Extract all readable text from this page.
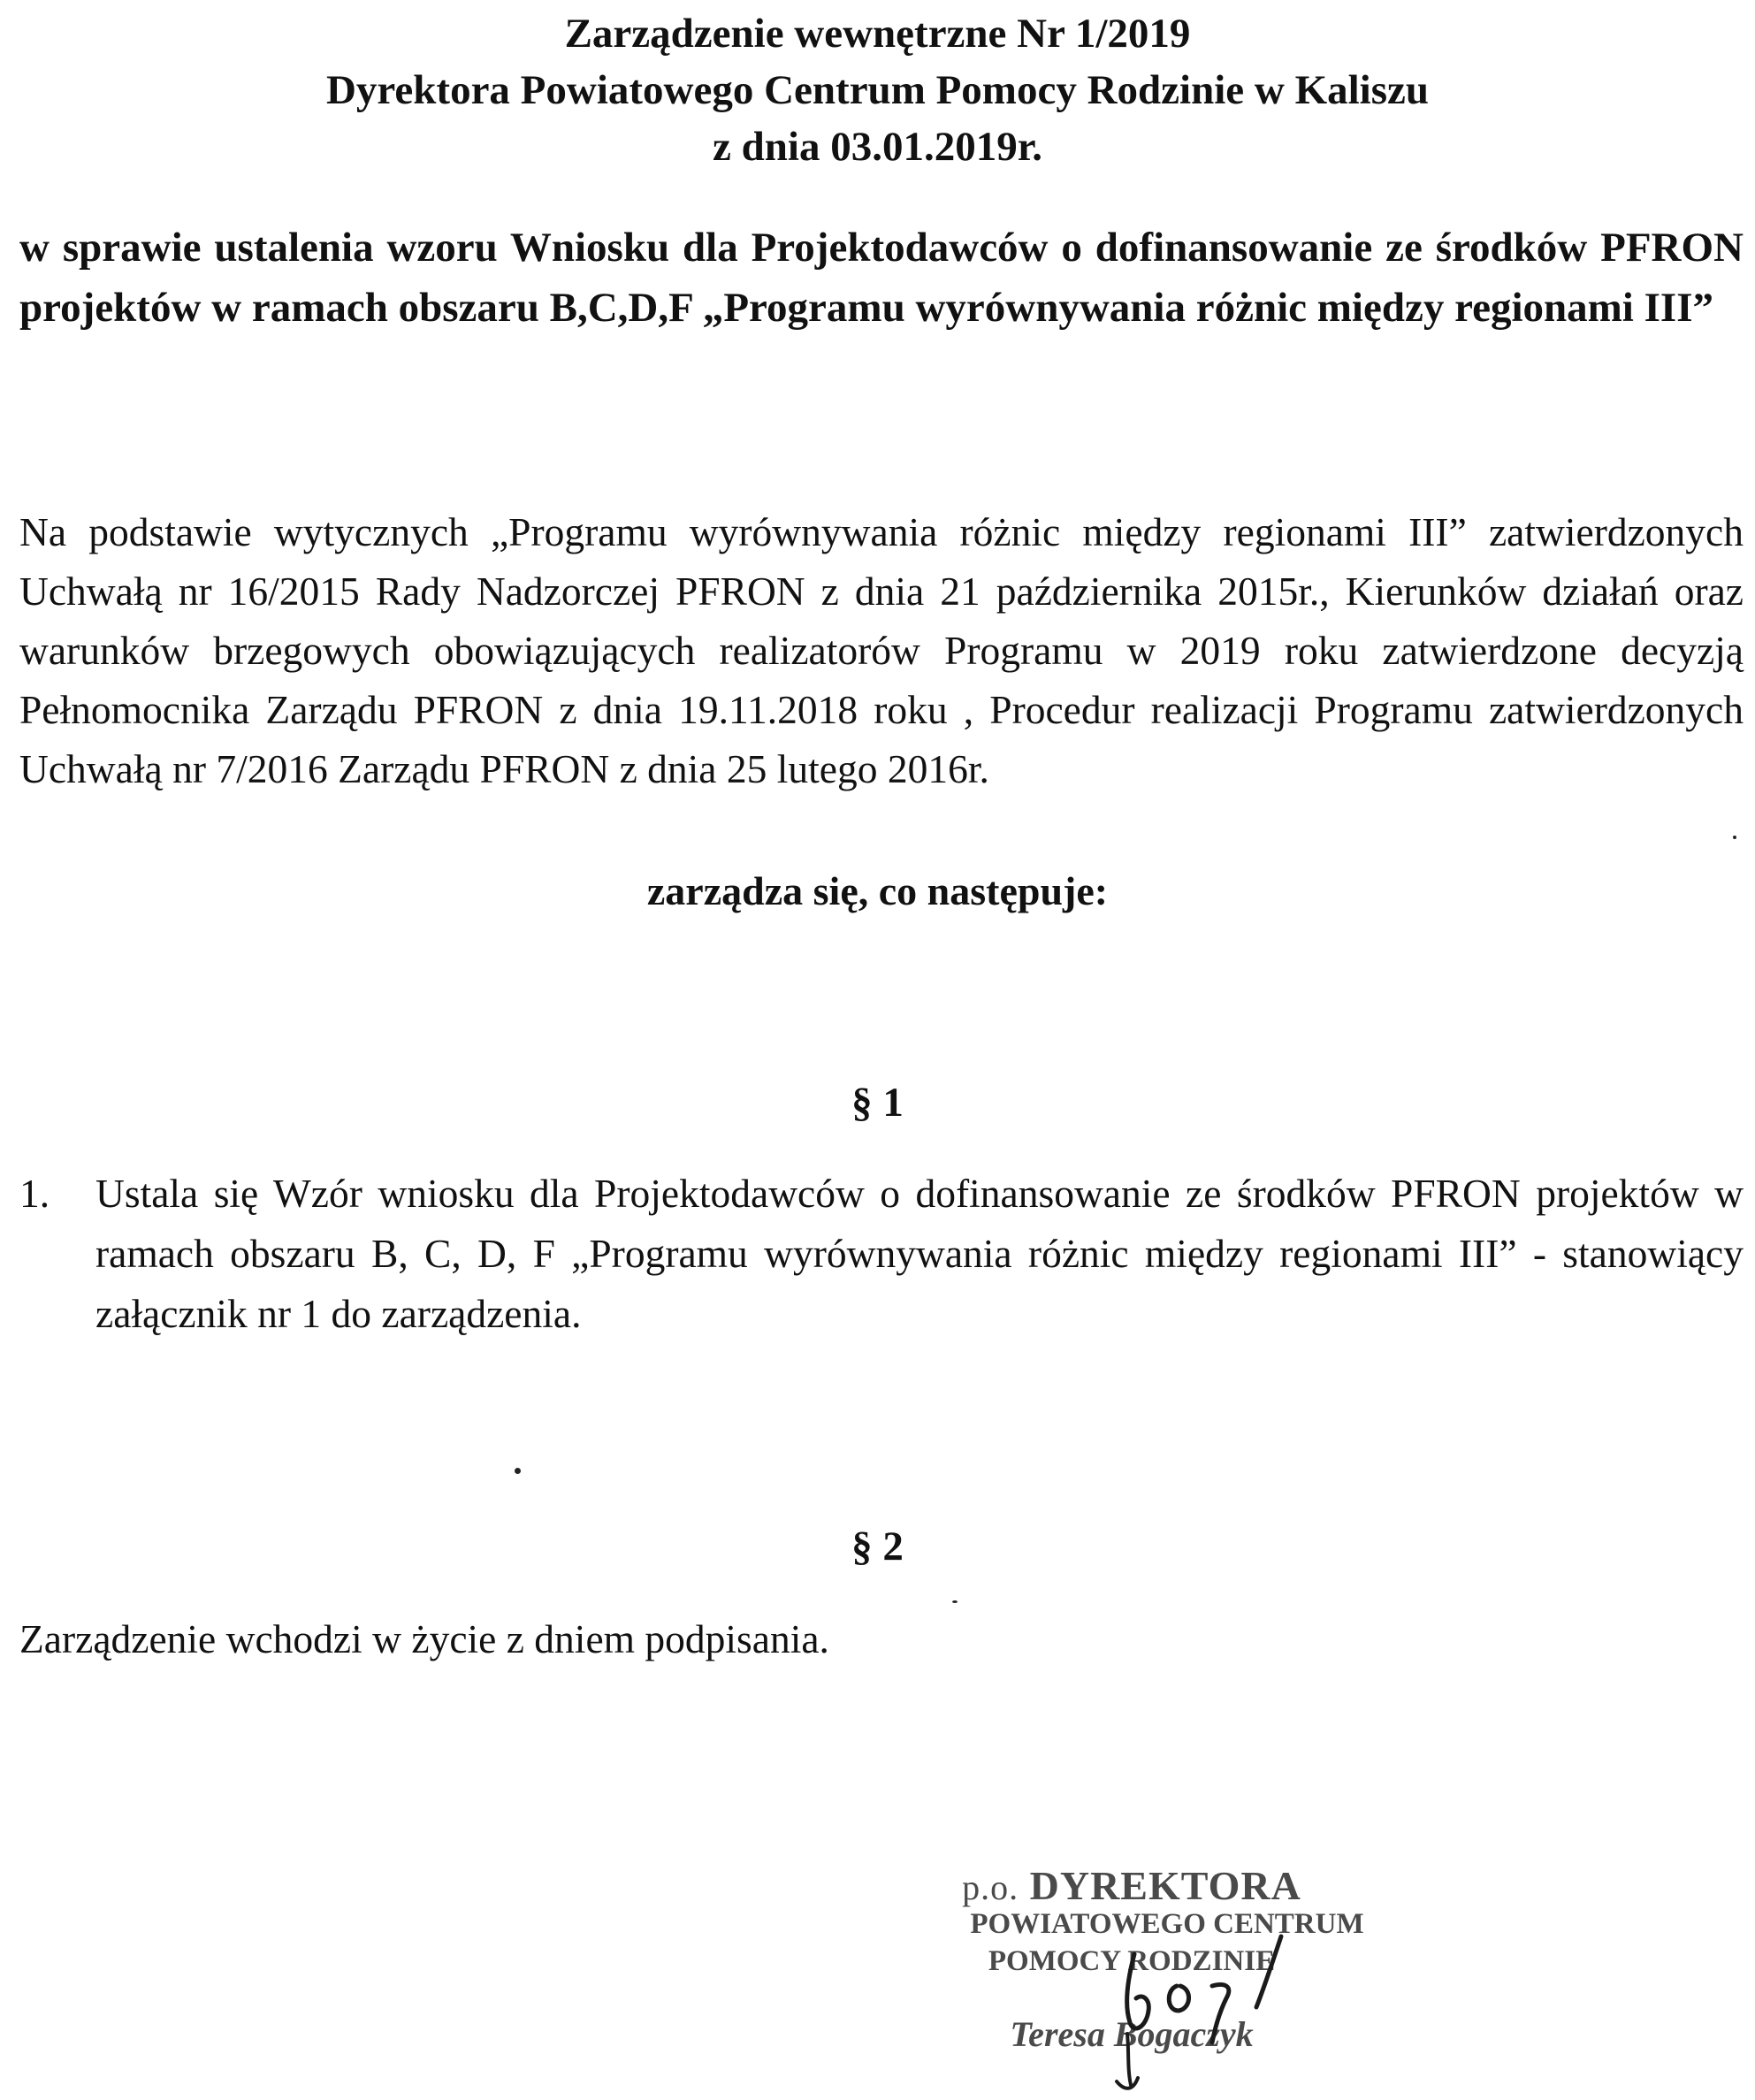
Zarządzenie wewnętrzne Nr 1/2019
Dyrektora Powiatowego Centrum Pomocy Rodzinie w Kaliszu
z dnia 03.01.2019r.
w sprawie ustalenia wzoru Wniosku dla Projektodawców o dofinansowanie ze środków PFRON projektów w ramach obszaru B,C,D,F „Programu wyrównywania różnic między regionami III”
Na podstawie wytycznych „Programu wyrównywania różnic między regionami III” zatwierdzonych Uchwałą nr 16/2015 Rady Nadzorczej PFRON z dnia 21 października 2015r., Kierunków działań oraz warunków brzegowych obowiązujących realizatorów Programu w 2019 roku zatwierdzone decyzją Pełnomocnika Zarządu PFRON z dnia 19.11.2018 roku , Procedur realizacji Programu zatwierdzonych Uchwałą nr 7/2016 Zarządu PFRON z dnia 25 lutego 2016r.
zarządza się, co następuje:
§ 1
1.	Ustala się Wzór wniosku dla Projektodawców o dofinansowanie ze środków PFRON projektów w ramach obszaru B, C, D, F „Programu wyrównywania różnic między regionami III” - stanowiący załącznik nr 1 do zarządzenia.
§ 2
Zarządzenie wchodzi w życie z dniem podpisania.
p.o. DYREKTORA
POWIATOWEGO CENTRUM
POMOCY RODZINIE
Teresa Bogaczyk
